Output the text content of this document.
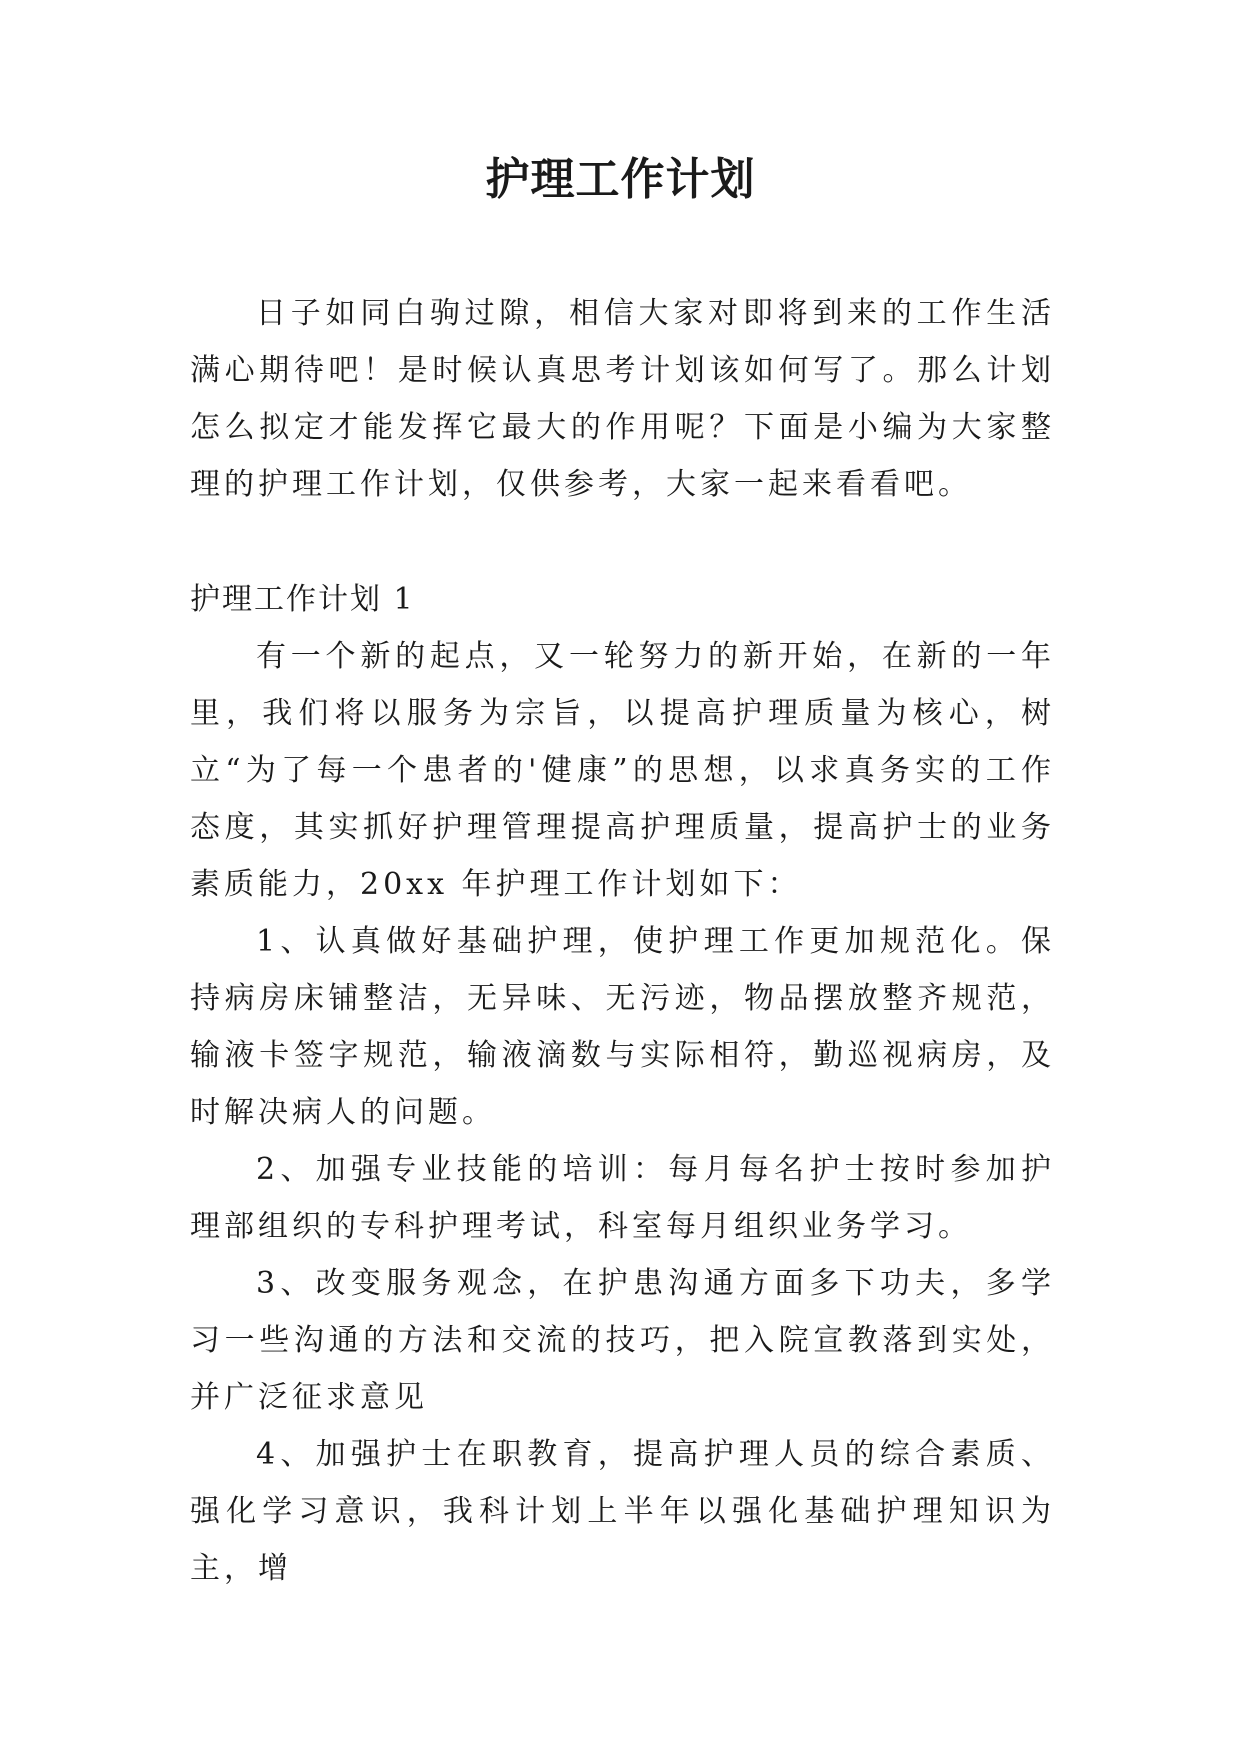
护理工作计划

日子如同白驹过隙，相信大家对即将到来的工作生活满心期待吧！是时候认真思考计划该如何写了。那么计划怎么拟定才能发挥它最大的作用呢？下面是小编为大家整理的护理工作计划，仅供参考，大家一起来看看吧。

护理工作计划 1

有一个新的起点，又一轮努力的新开始，在新的一年里，我们将以服务为宗旨，以提高护理质量为核心，树立“为了每一个患者的'健康”的思想，以求真务实的工作态度，其实抓好护理管理提高护理质量，提高护士的业务素质能力，20xx 年护理工作计划如下：

1、认真做好基础护理，使护理工作更加规范化。保持病房床铺整洁，无异味、无污迹，物品摆放整齐规范，输液卡签字规范，输液滴数与实际相符，勤巡视病房，及时解决病人的问题。

2、加强专业技能的培训：每月每名护士按时参加护理部组织的专科护理考试，科室每月组织业务学习。

3、改变服务观念，在护患沟通方面多下功夫，多学习一些沟通的方法和交流的技巧，把入院宣教落到实处，并广泛征求意见

4、加强护士在职教育，提高护理人员的综合素质、强化学习意识，我科计划上半年以强化基础护理知识为主，增
